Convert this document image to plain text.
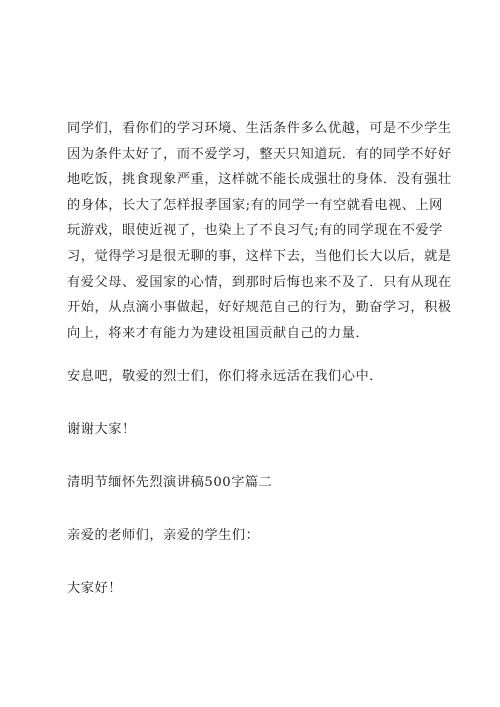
同学们，看你们的学习环境、生活条件多么优越，可是不少学生
因为条件太好了，而不爱学习，整天只知道玩．有的同学不好好
地吃饭，挑食现象严重，这样就不能长成强壮的身体．没有强壮
的身体，长大了怎样报孝国家;有的同学一有空就看电视、上网
玩游戏，眼使近视了，也染上了不良习气;有的同学现在不爱学
习，觉得学习是很无聊的事，这样下去，当他们长大以后，就是
有爱父母、爱国家的心情，到那时后悔也来不及了．只有从现在
开始，从点滴小事做起，好好规范自己的行为，勤奋学习，积极
向上，将来才有能力为建设祖国贡献自己的力量．
安息吧，敬爱的烈士们，你们将永远活在我们心中．
谢谢大家！
清明节缅怀先烈演讲稿500字篇二
亲爱的老师们，亲爱的学生们：
大家好！
